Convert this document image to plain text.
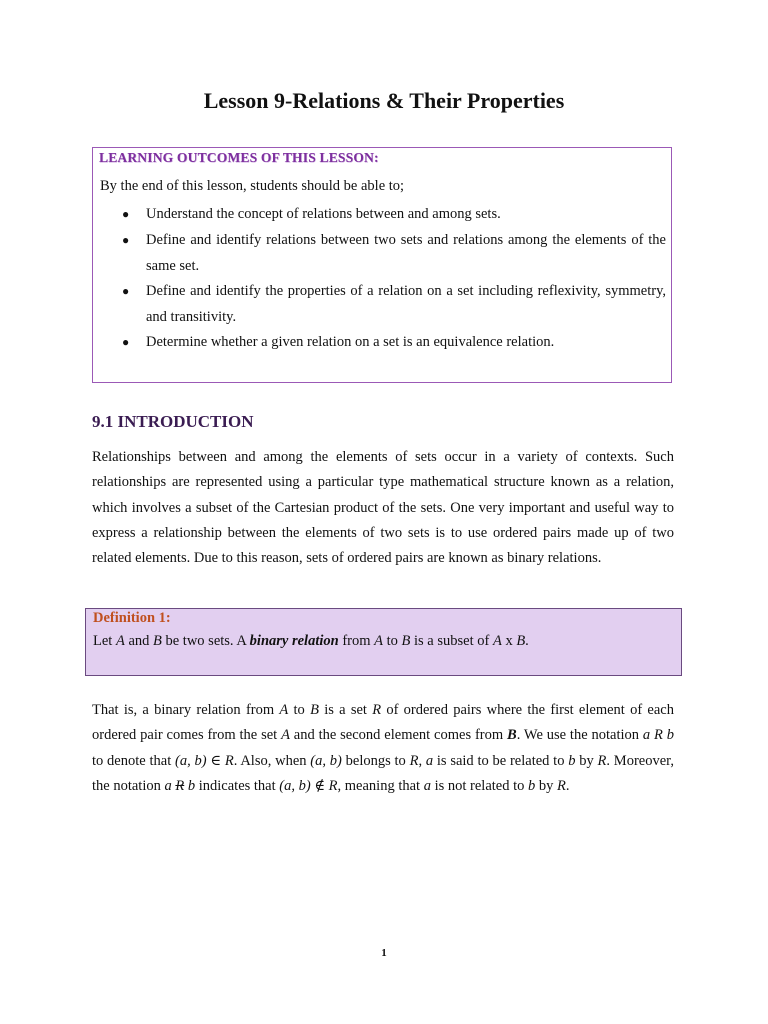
Lesson 9-Relations & Their Properties
LEARNING OUTCOMES OF THIS LESSON:
By the end of this lesson, students should be able to;
● Understand the concept of relations between and among sets.
● Define and identify relations between two sets and relations among the elements of the same set.
● Define and identify the properties of a relation on a set including reflexivity, symmetry, and transitivity.
● Determine whether a given relation on a set is an equivalence relation.
9.1 INTRODUCTION

Relationships between and among the elements of sets occur in a variety of contexts. Such relationships are represented using a particular type mathematical structure known as a relation, which involves a subset of the Cartesian product of the sets. One very important and useful way to express a relationship between the elements of two sets is to use ordered pairs made up of two related elements. Due to this reason, sets of ordered pairs are known as binary relations.

Definition 1:
Let A and B be two sets. A binary relation from A to B is a subset of A x B.

That is, a binary relation from A to B is a set R of ordered pairs where the first element of each ordered pair comes from the set A and the second element comes from B. We use the notation a R b to denote that (a, b) ∈ R. Also, when (a, b) belongs to R, a is said to be related to b by R. Moreover, the notation a R b indicates that (a, b) ∉ R, meaning that a is not related to b by R.

1
